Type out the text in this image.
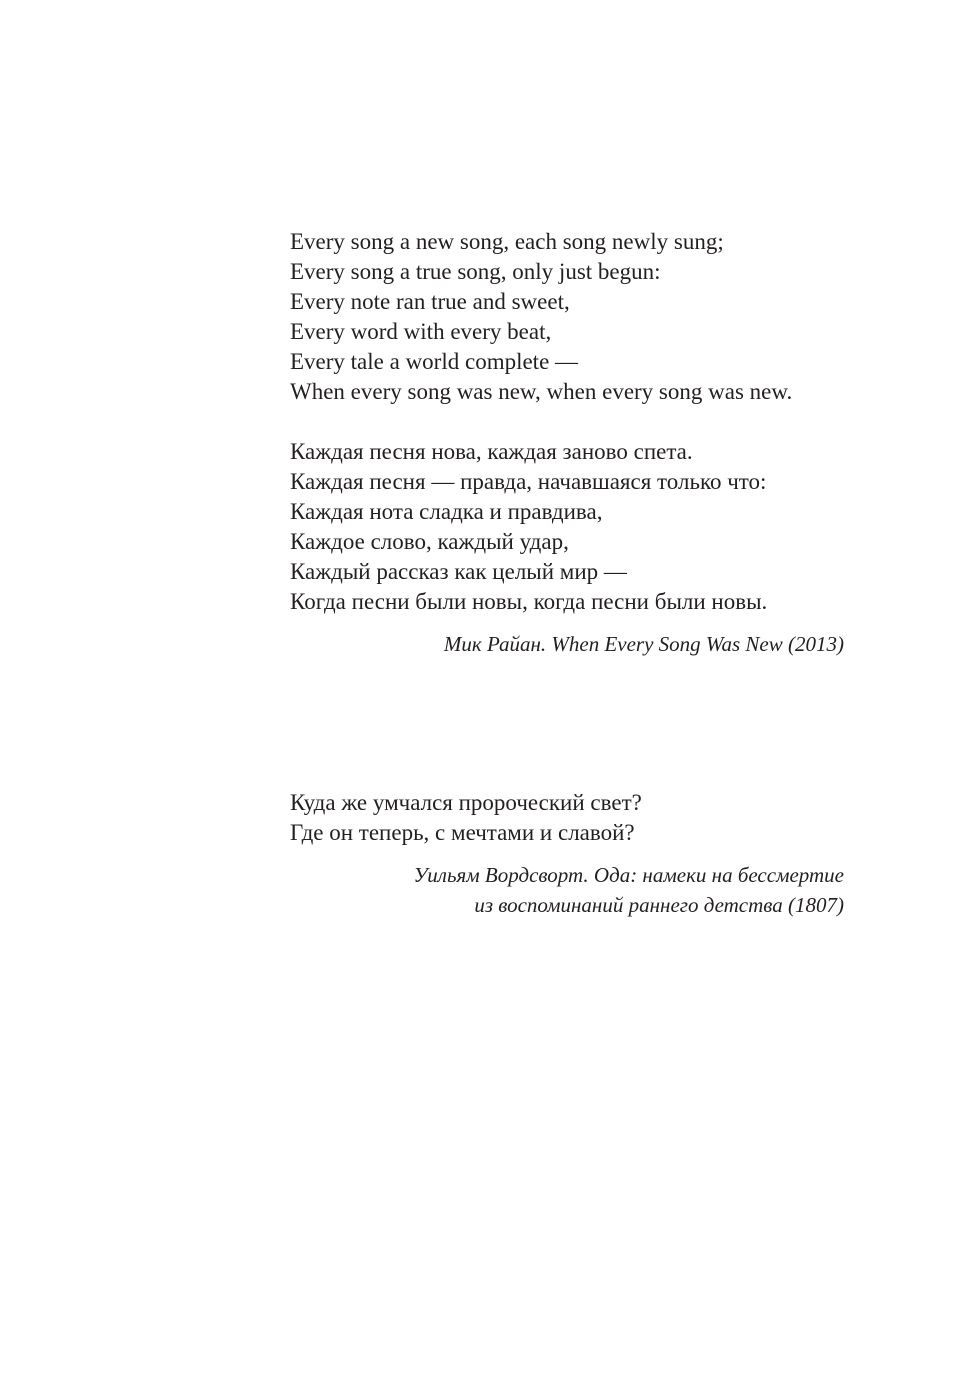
Every song a new song, each song newly sung;
Every song a true song, only just begun:
Every note ran true and sweet,
Every word with every beat,
Every tale a world complete —
When every song was new, when every song was new.
Каждая песня нова, каждая заново спета.
Каждая песня — правда, начавшаяся только что:
Каждая нота сладка и правдива,
Каждое слово, каждый удар,
Каждый рассказ как целый мир —
Когда песни были новы, когда песни были новы.
Мик Райан. When Every Song Was New (2013)
Куда же умчался пророческий свет?
Где он теперь, с мечтами и славой?
Уильям Вордсворт. Ода: намеки на бессмертие
из воспоминаний раннего детства (1807)
